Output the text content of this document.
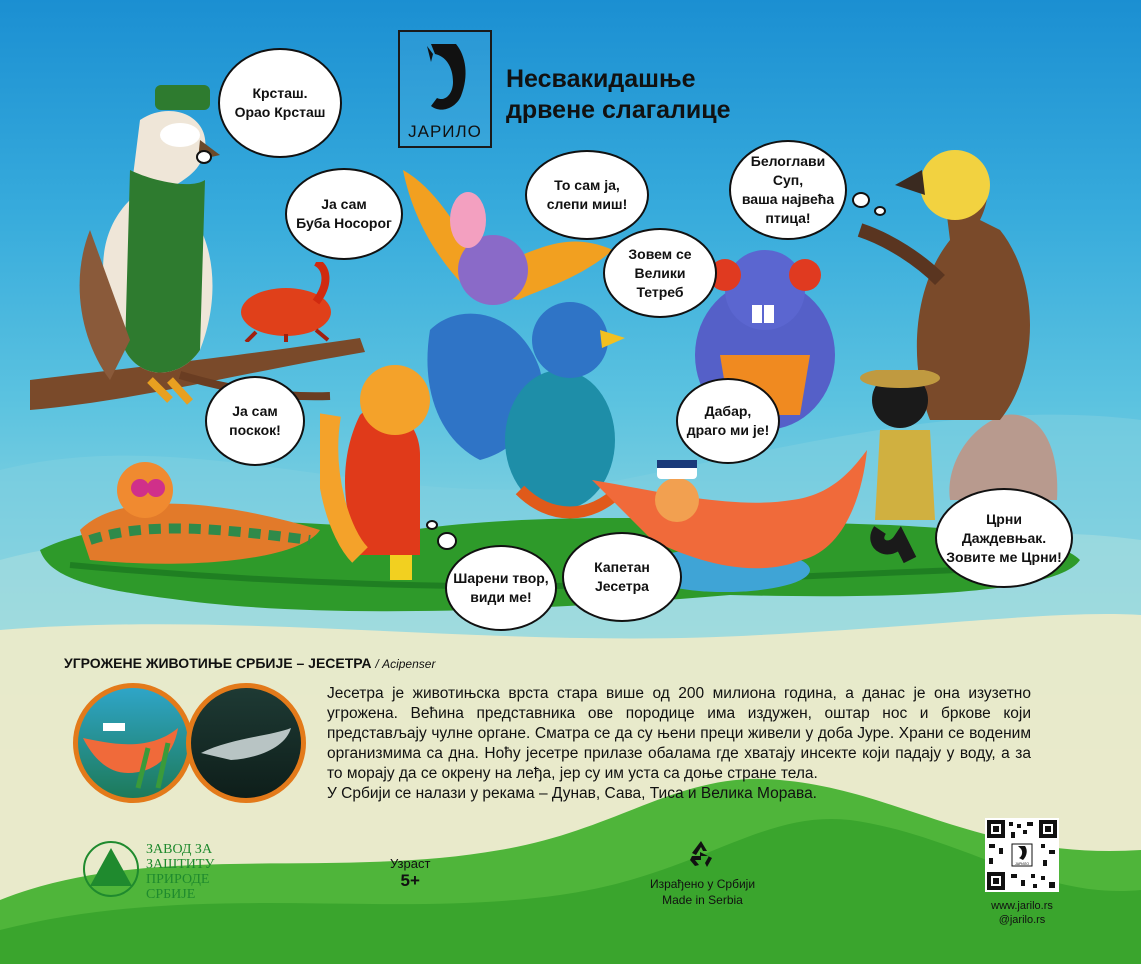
ЈАРИЛО
Несвакидашње
дрвене слагалице
Крсташ.
Орао Крсташ
Ја сам
Буба Носорог
То сам ја,
слепи миш!
Зовем се
Велики Тетреб
Белоглави Суп,
ваша највећа
птица!
Ја сам
поскок!
Дабар,
драго ми је!
Црни Даждевњак.
Зовите ме Црни!
Шарени твор,
види ме!
Капетан
Јесетра
УГРОЖЕНЕ ЖИВОТИЊЕ СРБИЈЕ – ЈЕСЕТРА / Acipenser
Јесетра је животињска врста стара више од 200 милиона година, а данас је она изузетно угрожена. Већина представника ове породице има издужен, оштар нос и бркове који представљају чулне органе. Сматра се да су њени преци живели у доба Јуре. Храни се воденим организмима са дна. Ноћу јесетре прилазе обалама где хватају инсекте који падају у воду, а за то морају да се окрену на леђа, јер су им уста са доње стране тела.
У Србији се налази у рекама – Дунав, Сава, Тиса и Велика Морава.
ЗАВОД ЗА
ЗАШТИТУ
ПРИРОДЕ
СРБИЈЕ
Узраст
5+	Израђено у Србији
Made in Serbia
ЈАРИЛО
www.jarilo.rs
@jarilo.rs
